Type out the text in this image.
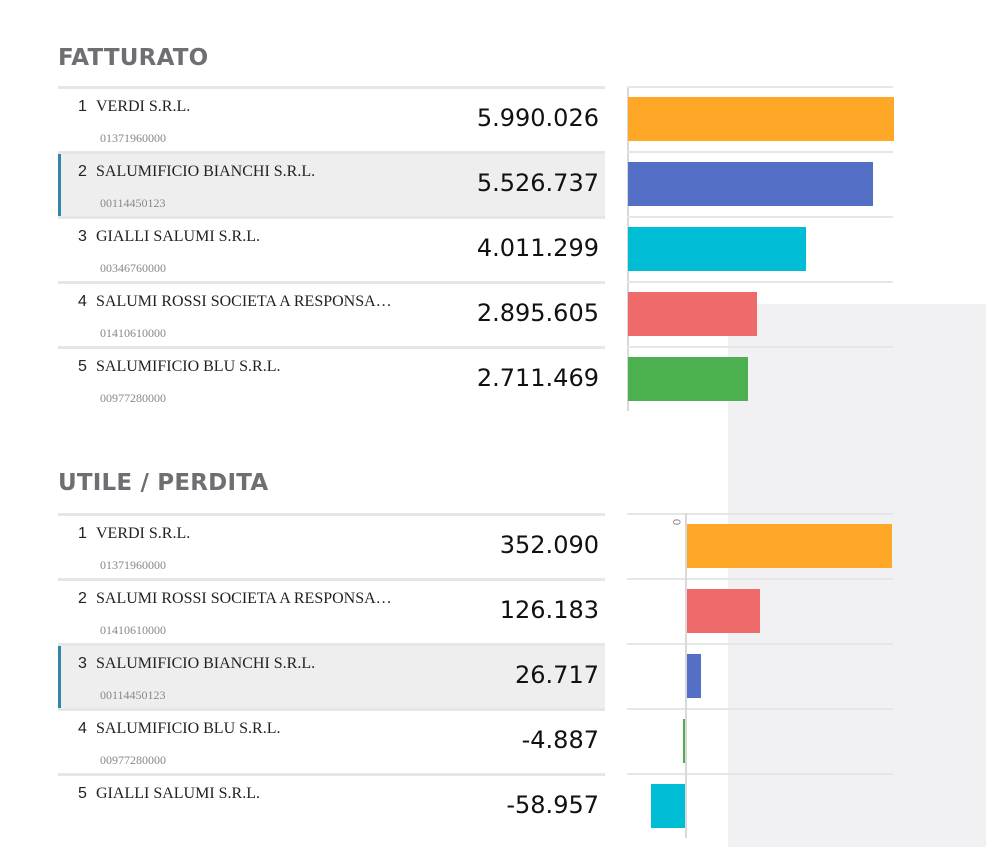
FATTURATO
1 VERDI S.R.L.
01371960000
5.990.026
2 SALUMIFICIO BIANCHI S.R.L.
00114450123
5.526.737
3 GIALLI SALUMI S.R.L.
00346760000
4.011.299
4 SALUMI ROSSI SOCIETA A RESPONSA…
01410610000
2.895.605
5 SALUMIFICIO BLU S.R.L.
00977280000
2.711.469
UTILE / PERDITA
1 VERDI S.R.L.
01371960000
352.090
2 SALUMI ROSSI SOCIETA A RESPONSA…
01410610000
126.183
3 SALUMIFICIO BIANCHI S.R.L.
00114450123
26.717
4 SALUMIFICIO BLU S.R.L.
00977280000
-4.887
5 GIALLI SALUMI S.R.L.	-58.957
0
